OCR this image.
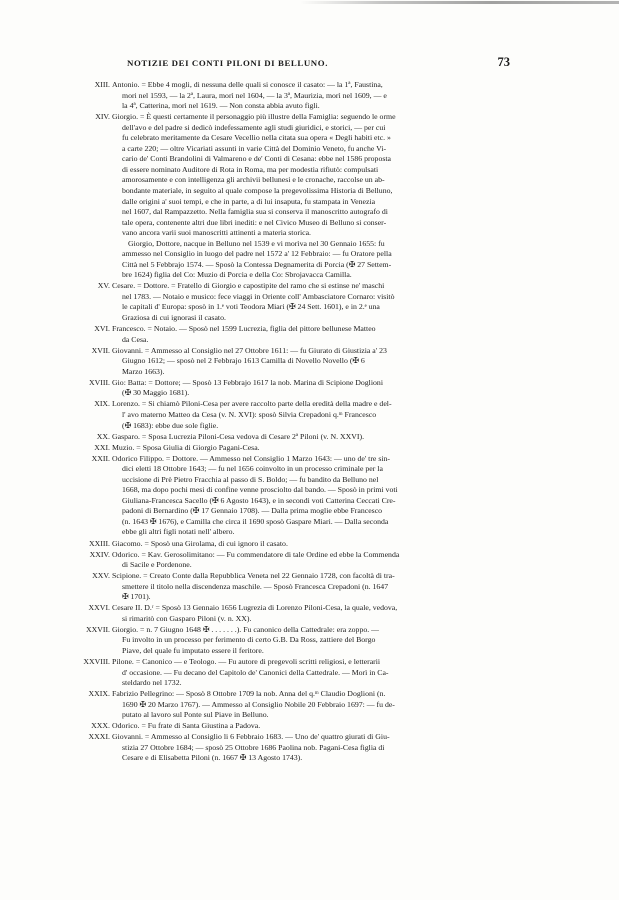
NOTIZIE DEI CONTI PILONI DI BELLUNO.	73
XIII. Antonio. = Ebbe 4 mogli, di nessuna delle quali si conosce il casato: — la 1ª, Faustina,
mori nel 1593, — la 2ª, Laura, morì nel 1604, — la 3ª, Maurizia, morì nel 1609, — e
la 4ª, Catterina, morì nel 1619. — Non consta abbia avuto figli.
XIV. Giorgio. = È questi certamente il personaggio più illustre della Famiglia: seguendo le orme
dell'avo e del padre si dedicò indefessamente agli studi giuridici, e storici, — per cui
fu celebrato meritamente da Cesare Vecellio nella citata sua opera « Degli habiti etc. »
a carte 220; — oltre Vicariati assunti in varie Città del Dominio Veneto, fu anche Vi-
cario de' Conti Brandolini di Valmareno e de' Conti di Cesana: ebbe nel 1586 proposta
di essere nominato Auditore di Rota in Roma, ma per modestia rifiutò: compulsati
amorosamente e con intelligenza gli archivii bellunesi e le cronache, raccolse un ab-
bondante materiale, in seguito al quale compose la pregevolissima Historia di Belluno,
dalle origini a' suoi tempi, e che in parte, a di lui insaputa, fu stampata in Venezia
nel 1607, dal Rampazzetto. Nella famiglia sua si conserva il manoscritto autografo di
tale opera, contenente altri due libri inediti: e nel Civico Museo di Belluno si conser-
vano ancora varii suoi manoscritti attinenti a materia storica.
Giorgio, Dottore, nacque in Belluno nel 1539 e vi morìva nel 30 Gennaio 1655: fu
ammesso nel Consiglio in luogo del padre nel 1572 a' 12 Febbraio: — fu Oratore pella
Città nel 5 Febbrajo 1574. — Sposò la Contessa Degnamerita di Porcia (✠ 27 Settem-
bre 1624) figlia del Co: Muzio di Porcia e della Co: Sbrojavacca Camilla.
XV. Cesare. = Dottore. = Fratello di Giorgio e capostipite del ramo che si estinse ne' maschi
nel 1783. — Notaio e musico: fece viaggi in Oriente coll' Ambasciatore Cornaro: visitò
le capitali d' Europa: sposò in 1.ᵉ voti Teodora Miari (✠ 24 Sett. 1601), e in 2.ᵉ una
Graziosa di cui ignorasi il casato.
XVI. Francesco. = Notaio. — Sposò nel 1599 Lucrezia, figlia del pittore bellunese Matteo
da Cesa.
XVII. Giovanni. = Ammesso al Consiglio nel 27 Ottobre 1611: — fu Giurato di Giustizia a' 23
Giugno 1612; — sposò nel 2 Febbrajo 1613 Camilla di Novello Novello (✠ 6
Marzo 1663).
XVIII. Gio: Batta: = Dottore; — Sposò 13 Febbrajo 1617 la nob. Marina di Scipione Doglioni
(✠ 30 Maggio 1681).
XIX. Lorenzo. = Si chiamò Piloni-Cesa per avere raccolto parte della eredità della madre e del-
l' avo materno Matteo da Cesa (v. N. XVI): sposò Silvia Crepadoni q.ᵐ Francesco
(✠ 1683): ebbe due sole figlie.
XX. Gasparo. = Sposa Lucrezia Piloni-Cesa vedova di Cesare 2ª Piloni (v. N. XXVI).
XXI. Muzio. = Sposa Giulia di Giorgio Pagani-Cesa.
XXII. Odorico Filippo. = Dottore. — Ammesso nel Consiglio 1 Marzo 1643: — uno de' tre sin-
dici eletti 18 Ottobre 1643; — fu nel 1656 coinvolto in un processo criminale per la
uccisione di Prè Pietro Fracchia al passo di S. Boldo; — fu bandito da Belluno nel
1668, ma dopo pochi mesi di confine venne prosciolto dal bando. — Sposò in primi voti
Giuliana-Francesca Sacello (✠ 6 Agosto 1643), e in secondi voti Catterina Ceccati Cre-
padoni di Bernardino (✠ 17 Gennaio 1708). — Dalla prima moglie ebbe Francesco
(n. 1643 ✠ 1676), e Camilla che circa il 1690 sposò Gaspare Miari. — Dalla seconda
ebbe gli altri figli notati nell' albero.
XXIII. Giacomo. = Sposò una Girolama, di cui ignoro il casato.
XXIV. Odorico. = Kav. Gerosolimitano: — Fu commendatore di tale Ordine ed ebbe la Commenda
di Sacile e Pordenone.
XXV. Scipione. = Creato Conte dalla Repubblica Veneta nel 22 Gennaio 1728, con facoltà di tra-
smettere il titolo nella discendenza maschile. — Sposò Francesca Crepadoni (n. 1647
✠ 1701).
XXVI. Cesare II. D.ʳ = Sposò 13 Gennaio 1656 Lugrezia di Lorenzo Piloni-Cesa, la quale, vedova,
si rimaritò con Gasparo Piloni (v. n. XX).
XXVII. Giorgio. = n. 7 Giugno 1648 ✠ . . . . . . .). Fu canonico della Cattedrale: era zoppo. —
Fu involto in un processo per ferimento di certo G.B. Da Ross, zattiere del Borgo
Piave, del quale fu imputato essere il feritore.
XXVIII. Pilone. = Canonico — e Teologo. — Fu autore di pregevoli scritti religiosi, e letterarii
d' occasione. — Fu decano del Capitolo de' Canonici della Cattedrale. — Morì in Ca-
steldardo nel 1732.
XXIX. Fabrizio Pellegrino: — Sposò 8 Ottobre 1709 la nob. Anna del q.ᵐ Claudio Doglioni (n.
1690 ✠ 20 Marzo 1767). — Ammesso al Consiglio Nobile 20 Febbraio 1697: — fu de-
putato al lavoro sul Ponte sul Piave in Belluno.
XXX. Odorico. = Fu frate di Santa Giustina a Padova.
XXXI. Giovanni. = Ammesso al Consiglio li 6 Febbraio 1683. — Uno de' quattro giurati di Giu-
stizia 27 Ottobre 1684; — sposò 25 Ottobre 1686 Paolina nob. Pagani-Cesa figlia di
Cesare e di Elisabetta Piloni (n. 1667 ✠ 13 Agosto 1743).
